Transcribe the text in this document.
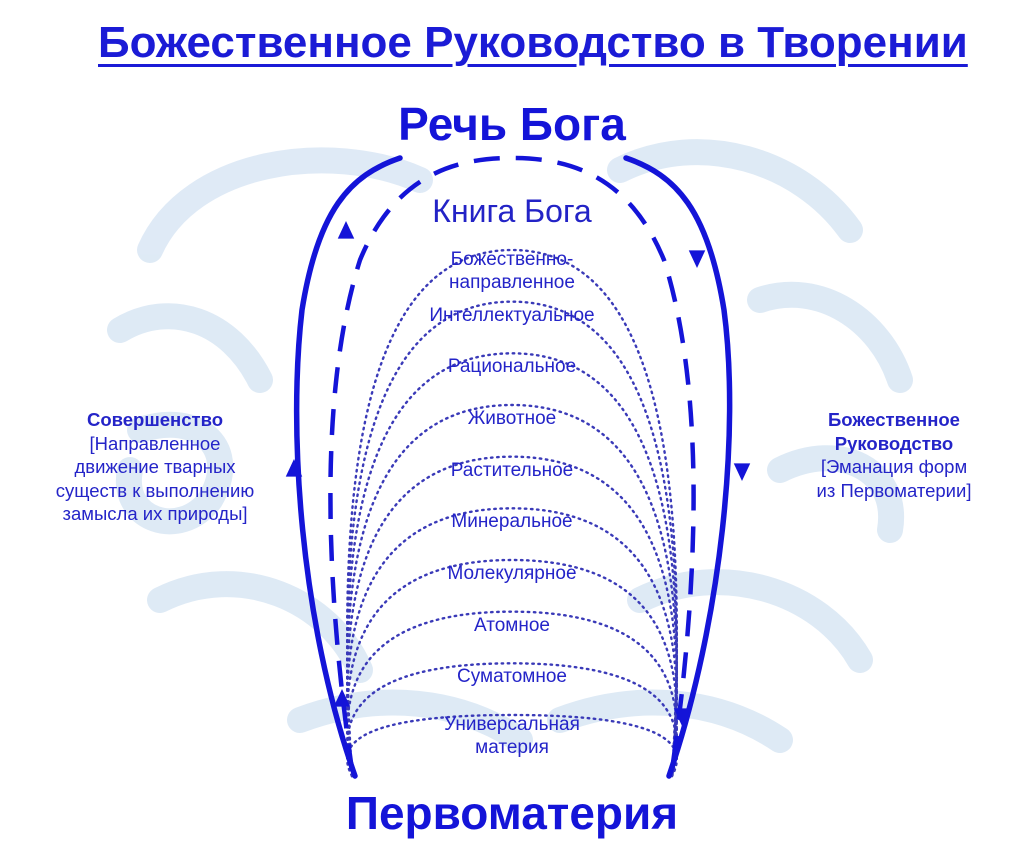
Божественное Руководство в Творении
Речь Бога
Книга Бога
Первоматерия
Совершенство
[Направленное
движение тварных
существ к выполнению
замысла их природы]
Божественное
Руководство
[Эманация форм
из Первоматерии]
Божественно-
направленное
Интеллектуальное
Рациональное
Животное
Растительное
Минеральное
Молекулярное
Атомное
Суматомное
Универсальная
материя
